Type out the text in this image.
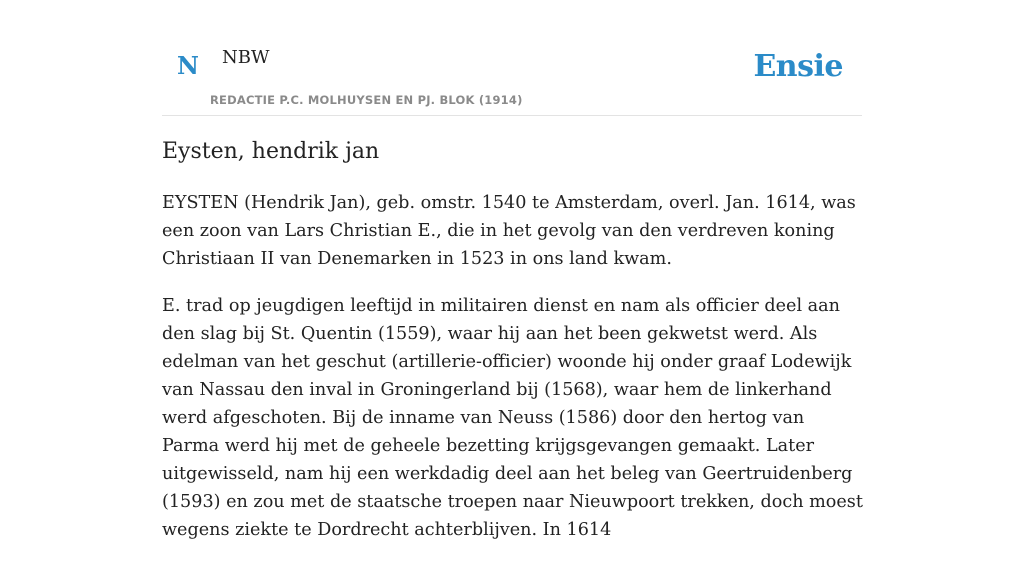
N NBW
REDACTIE P.C. MOLHUYSEN EN PJ. BLOK (1914)
Ensie
Eysten, hendrik jan

EYSTEN (Hendrik Jan), geb. omstr. 1540 te Amsterdam, overl. Jan. 1614, was een zoon van Lars Christian E., die in het gevolg van den verdreven koning Christiaan II van Denemarken in 1523 in ons land kwam.

E. trad op jeugdigen leeftijd in militairen dienst en nam als officier deel aan den slag bij St. Quentin (1559), waar hij aan het been gekwetst werd. Als edelman van het geschut (artillerie-officier) woonde hij onder graaf Lodewijk van Nassau den inval in Groningerland bij (1568), waar hem de linkerhand werd afgeschoten. Bij de inname van Neuss (1586) door den hertog van Parma werd hij met de geheele bezetting krijgsgevangen gemaakt. Later uitgewisseld, nam hij een werkdadig deel aan het beleg van Geertruidenberg (1593) en zou met de staatsche troepen naar Nieuwpoort trekken, doch moest wegens ziekte te Dordrecht achterblijven. In 1614
